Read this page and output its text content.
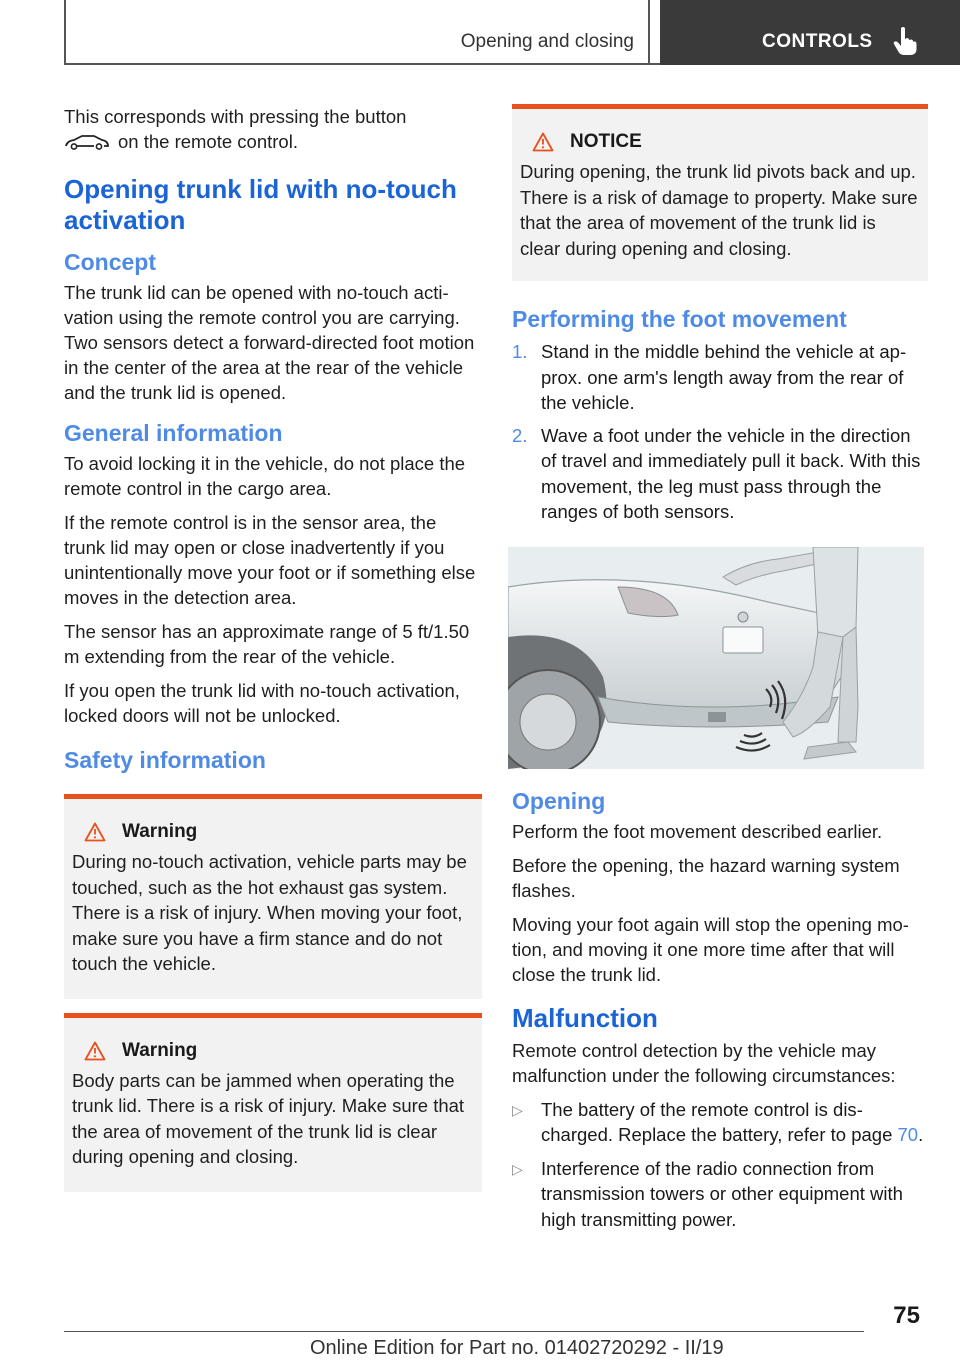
Opening and closing	CONTROLS

This corresponds with pressing the button
on the remote control.

Opening trunk lid with no-touch activation
Concept

The trunk lid can be opened with no-touch activation using the remote control you are carrying. Two sensors detect a forward-directed foot motion in the center of the area at the rear of the vehicle and the trunk lid is opened.

General information

To avoid locking it in the vehicle, do not place the remote control in the cargo area.

If the remote control is in the sensor area, the trunk lid may open or close inadvertently if you unintentionally move your foot or if something else moves in the detection area.

The sensor has an approximate range of 5 ft/1.50 m extending from the rear of the vehicle.

If you open the trunk lid with no-touch activation, locked doors will not be unlocked.

Safety information
Warning

During no-touch activation, vehicle parts may be touched, such as the hot exhaust gas system. There is a risk of injury. When moving your foot, make sure you have a firm stance and do not touch the vehicle.

Warning

Body parts can be jammed when operating the trunk lid. There is a risk of injury. Make sure that the area of movement of the trunk lid is clear during opening and closing.

NOTICE

During opening, the trunk lid pivots back and up. There is a risk of damage to property. Make sure that the area of movement of the trunk lid is clear during opening and closing.

Performing the foot movement
1. Stand in the middle behind the vehicle at approx. one arm's length away from the rear of the vehicle.
2. Wave a foot under the vehicle in the direction of travel and immediately pull it back. With this movement, the leg must pass through the ranges of both sensors.
Opening

Perform the foot movement described earlier.

Before the opening, the hazard warning system flashes.

Moving your foot again will stop the opening motion, and moving it one more time after that will close the trunk lid.

Malfunction

Remote control detection by the vehicle may malfunction under the following circumstances:

▷ The battery of the remote control is discharged. Replace the battery, refer to page 70.
▷ Interference of the radio connection from transmission towers or other equipment with high transmitting power.
75
Online Edition for Part no. 01402720292 - II/19
